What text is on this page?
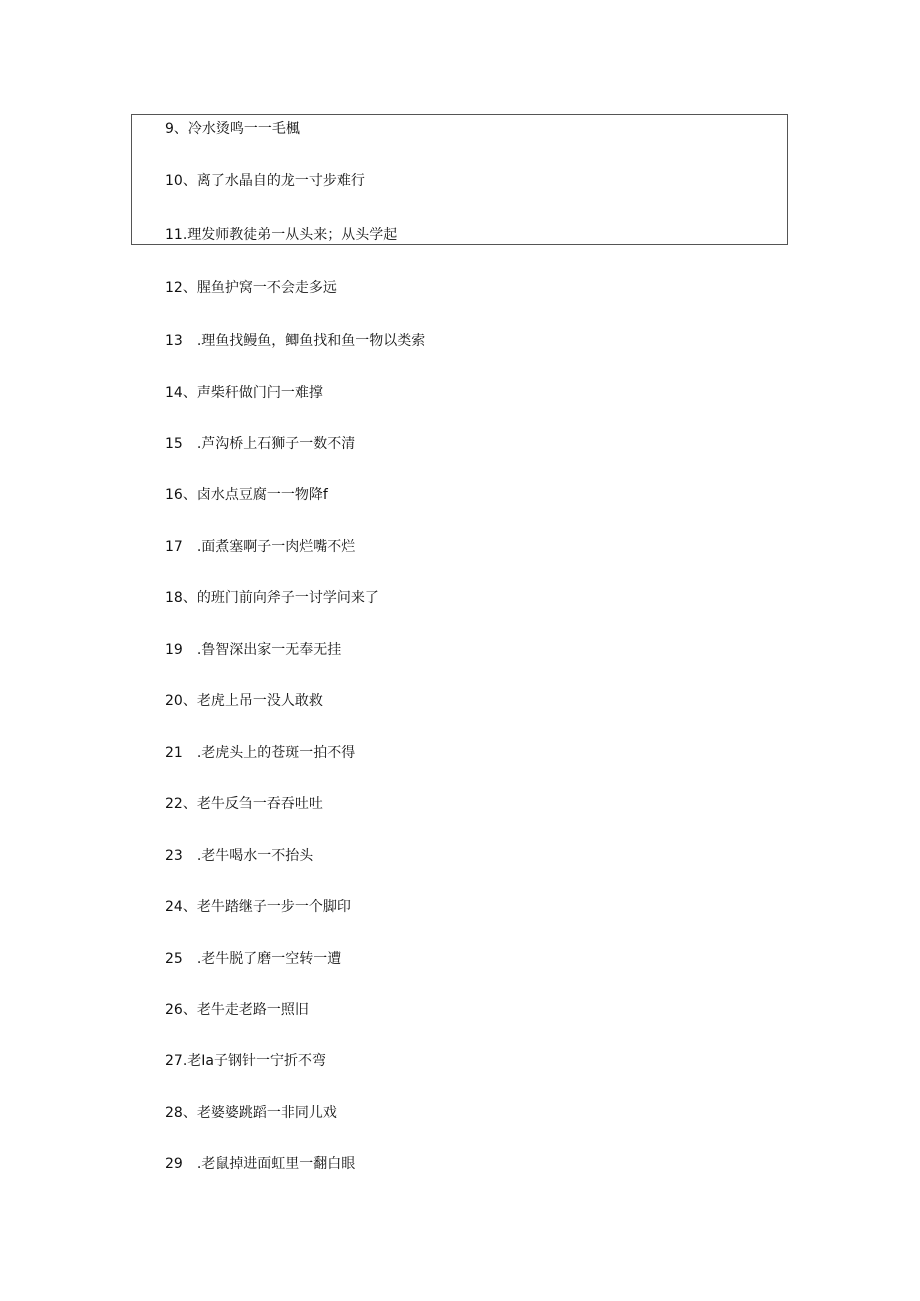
9、冷水烫鸣一一毛楓
10、离了水晶自的龙一寸步难行
11.理发师教徒弟一从头来；从头学起
12、腥鱼护窝一不会走多远
13　.理鱼找鳗鱼，鲫鱼找和鱼一物以类索
14、声柴秆做门闩一难撑
15　.芦沟桥上石狮子一数不清
16、卤水点豆腐一一物降f
17　.面煮塞啊子一肉烂嘴不烂
18、的班门前向斧子一讨学问来了
19　.鲁智深出家一无奉无挂
20、老虎上吊一没人敢救
21　.老虎头上的苍斑一拍不得
22、老牛反刍一吞吞吐吐
23　.老牛喝水一不抬头
24、老牛踏继子一步一个脚印
25　.老牛脱了磨一空转一遭
26、老牛走老路一照旧
27.老Ia子钢针一宁折不弯
28、老婆婆跳蹈一非同儿戏
29　.老鼠掉进面虹里一翻白眼
